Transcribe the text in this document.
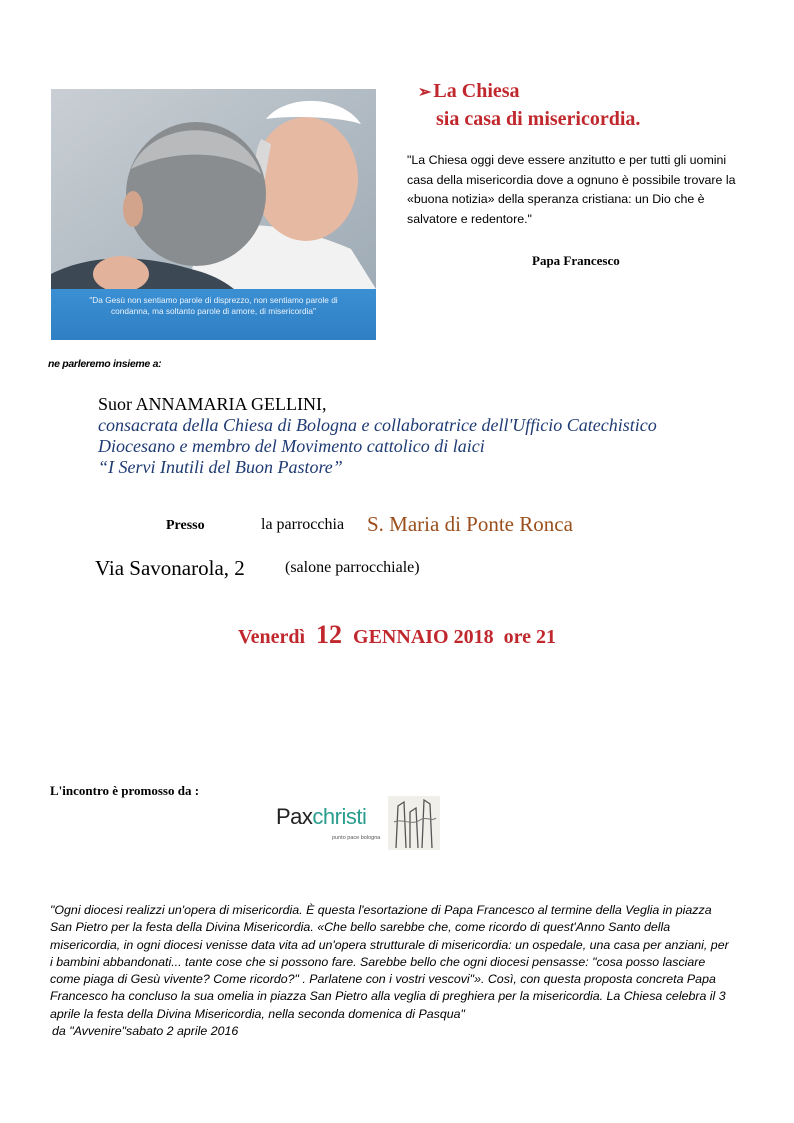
"Da Gesù non sentiamo parole di disprezzo, non sentiamo parole di condanna, ma soltanto parole di amore, di misericordia"
➢ La Chiesa
sia casa di misericordia.
"La Chiesa oggi deve essere anzitutto e per tutti gli uomini casa della misericordia dove a ognuno è possibile trovare la «buona notizia» della speranza cristiana: un Dio che è salvatore e redentore."
Papa Francesco
ne parleremo insieme a:
Suor ANNAMARIA GELLINI,
consacrata della Chiesa di Bologna e collaboratrice dell'Ufficio Catechistico
Diocesano e membro del Movimento cattolico di laici
“I Servi Inutili del Buon Pastore”
Presso	la parrocchia S. Maria di Ponte Ronca
Via Savonarola, 2	(salone parrocchiale)
Venerdì 12 GENNAIO 2018 ore 21
L'incontro è promosso da :
Paxchristi
punto pace bologna
"Ogni diocesi realizzi un'opera di misericordia. È questa l'esortazione di Papa Francesco al termine della Veglia in piazza San Pietro per la festa della Divina Misericordia. «Che bello sarebbe che, come ricordo di quest'Anno Santo della misericordia, in ogni diocesi venisse data vita ad un'opera strutturale di misericordia: un ospedale, una casa per anziani, per i bambini abbandonati... tante cose che si possono fare. Sarebbe bello che ogni diocesi pensasse: "cosa posso lasciare come piaga di Gesù vivente? Come ricordo?" . Parlatene con i vostri vescovi"». Così, con questa proposta concreta Papa Francesco ha concluso la sua omelia in piazza San Pietro alla veglia di preghiera per la misericordia. La Chiesa celebra il 3 aprile la festa della Divina Misericordia, nella seconda domenica di Pasqua"
da "Avvenire"sabato 2 aprile 2016
